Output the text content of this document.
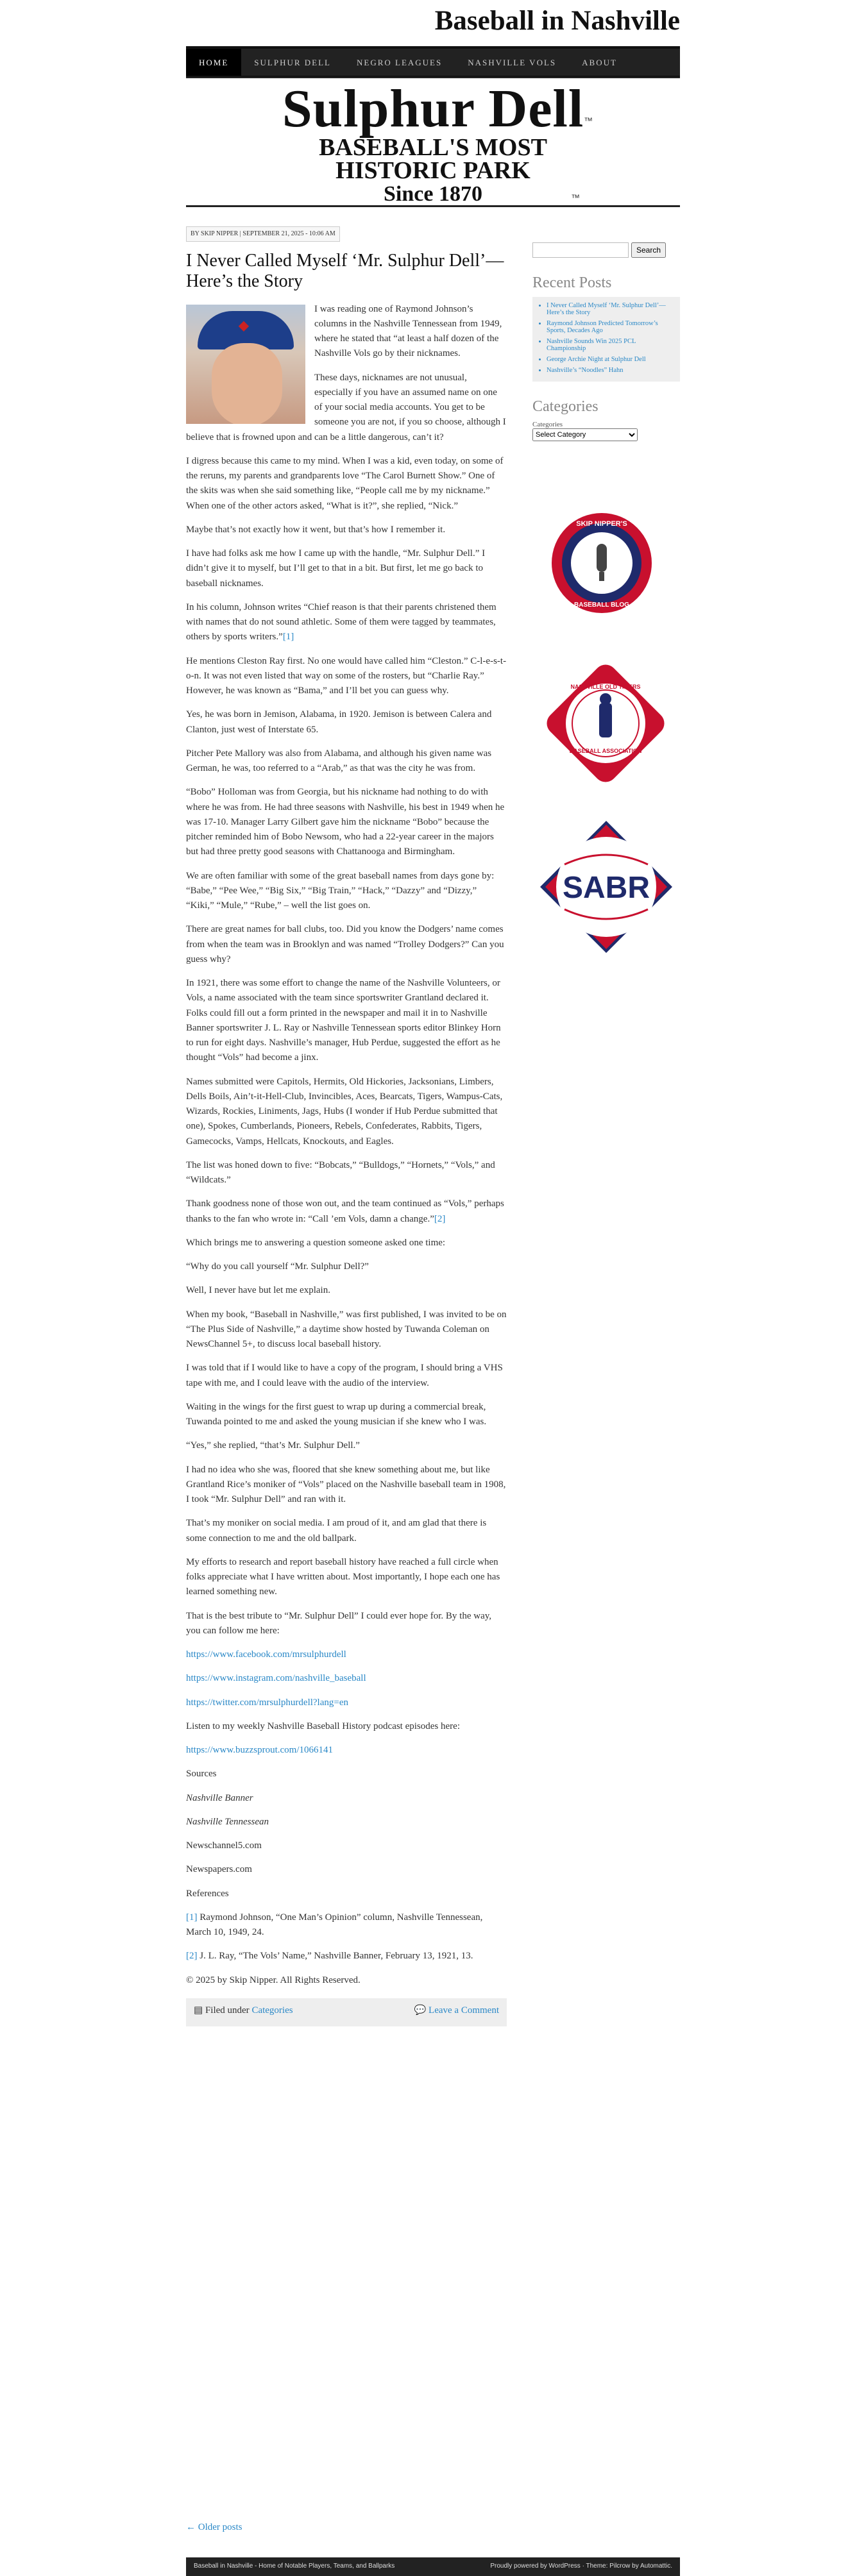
Baseball in Nashville
HOME	SULPHUR DELL	NEGRO LEAGUES	NASHVILLE VOLS	ABOUT
Sulphur Dell ™
BASEBALL'S MOST
HISTORIC PARK
Since 1870	™
BY SKIP NIPPER | SEPTEMBER 21, 2025 - 10:06 AM
I Never Called Myself ‘Mr. Sulphur Dell’—Here’s the Story
◆

I was reading one of Raymond Johnson’s columns in the Nashville Tennessean from 1949, where he stated that “at least a half dozen of the Nashville Vols go by their nicknames.

These days, nicknames are not unusual, especially if you have an assumed name on one of your social media accounts. You get to be someone you are not, if you so choose, although I believe that is frowned upon and can be a little dangerous, can’t it?

I digress because this came to my mind. When I was a kid, even today, on some of the reruns, my parents and grandparents love “The Carol Burnett Show.” One of the skits was when she said something like, “People call me by my nickname.” When one of the other actors asked, “What is it?”, she replied, “Nick.”

Maybe that’s not exactly how it went, but that’s how I remember it.

I have had folks ask me how I came up with the handle, “Mr. Sulphur Dell.” I didn’t give it to myself, but I’ll get to that in a bit. But first, let me go back to baseball nicknames.

In his column, Johnson writes “Chief reason is that their parents christened them with names that do not sound athletic. Some of them were tagged by teammates, others by sports writers.”[1]

He mentions Cleston Ray first. No one would have called him “Cleston.” C-l-e-s-t-o-n. It was not even listed that way on some of the rosters, but “Charlie Ray.” However, he was known as “Bama,” and I’ll bet you can guess why.

Yes, he was born in Jemison, Alabama, in 1920. Jemison is between Calera and Clanton, just west of Interstate 65.

Pitcher Pete Mallory was also from Alabama, and although his given name was German, he was, too referred to a “Arab,” as that was the city he was from.

“Bobo” Holloman was from Georgia, but his nickname had nothing to do with where he was from. He had three seasons with Nashville, his best in 1949 when he was 17-10. Manager Larry Gilbert gave him the nickname “Bobo” because the pitcher reminded him of Bobo Newsom, who had a 22-year career in the majors but had three pretty good seasons with Chattanooga and Birmingham.

We are often familiar with some of the great baseball names from days gone by: “Babe,” “Pee Wee,” “Big Six,” “Big Train,” “Hack,” “Dazzy” and “Dizzy,” “Kiki,” “Mule,” “Rube,” – well the list goes on.

There are great names for ball clubs, too. Did you know the Dodgers’ name comes from when the team was in Brooklyn and was named “Trolley Dodgers?” Can you guess why?

In 1921, there was some effort to change the name of the Nashville Volunteers, or Vols, a name associated with the team since sportswriter Grantland declared it. Folks could fill out a form printed in the newspaper and mail it in to Nashville Banner sportswriter J. L. Ray or Nashville Tennessean sports editor Blinkey Horn to run for eight days. Nashville’s manager, Hub Perdue, suggested the effort as he thought “Vols” had become a jinx.

Names submitted were Capitols, Hermits, Old Hickories, Jacksonians, Limbers, Dells Boils, Ain’t-it-Hell-Club, Invincibles, Aces, Bearcats, Tigers, Wampus-Cats, Wizards, Rockies, Liniments, Jags, Hubs (I wonder if Hub Perdue submitted that one), Spokes, Cumberlands, Pioneers, Rebels, Confederates, Rabbits, Tigers, Gamecocks, Vamps, Hellcats, Knockouts, and Eagles.

The list was honed down to five: “Bobcats,” “Bulldogs,” “Hornets,” “Vols,” and “Wildcats.”

Thank goodness none of those won out, and the team continued as “Vols,” perhaps thanks to the fan who wrote in: “Call ’em Vols, damn a change.”[2]

Which brings me to answering a question someone asked one time:

“Why do you call yourself “Mr. Sulphur Dell?”

Well, I never have but let me explain.

When my book, “Baseball in Nashville,” was first published, I was invited to be on “The Plus Side of Nashville,” a daytime show hosted by Tuwanda Coleman on NewsChannel 5+, to discuss local baseball history.

I was told that if I would like to have a copy of the program, I should bring a VHS tape with me, and I could leave with the audio of the interview.

Waiting in the wings for the first guest to wrap up during a commercial break, Tuwanda pointed to me and asked the young musician if she knew who I was.

“Yes,” she replied, “that’s Mr. Sulphur Dell.”

I had no idea who she was, floored that she knew something about me, but like Grantland Rice’s moniker of “Vols” placed on the Nashville baseball team in 1908, I took “Mr. Sulphur Dell” and ran with it.

That’s my moniker on social media. I am proud of it, and am glad that there is some connection to me and the old ballpark.

My efforts to research and report baseball history have reached a full circle when folks appreciate what I have written about. Most importantly, I hope each one has learned something new.

That is the best tribute to “Mr. Sulphur Dell” I could ever hope for. By the way, you can follow me here:

https://www.facebook.com/mrsulphurdell

https://www.instagram.com/nashville_baseball

https://twitter.com/mrsulphurdell?lang=en

Listen to my weekly Nashville Baseball History podcast episodes here:

https://www.buzzsprout.com/1066141

Sources

Nashville Banner

Nashville Tennessean

Newschannel5.com

Newspapers.com

References

[1] Raymond Johnson, “One Man’s Opinion” column, Nashville Tennessean, March 10, 1949, 24.

[2] J. L. Ray, “The Vols’ Name,” Nashville Banner, February 13, 1921, 13.

© 2025 by Skip Nipper. All Rights Reserved.

▤ Filed under Categories	💬 Leave a Comment
← Older posts
Baseball in Nashville - Home of Notable Players, Teams, and Ballparks	Proudly powered by WordPress · Theme: Pilcrow by Automattic.
Search
Recent Posts
• I Never Called Myself ‘Mr. Sulphur Dell’—Here’s the Story
• Raymond Johnson Predicted Tomorrow’s Sports, Decades Ago
• Nashville Sounds Win 2025 PCL Championship
• George Archie Night at Sulphur Dell
• Nashville’s “Noodles” Hahn
Categories
Categories
Select Category
SKIP NIPPER'S
BASEBALL BLOG
NASHVILLE OLD TIMERS
BASEBALL ASSOCIATION
SABR
